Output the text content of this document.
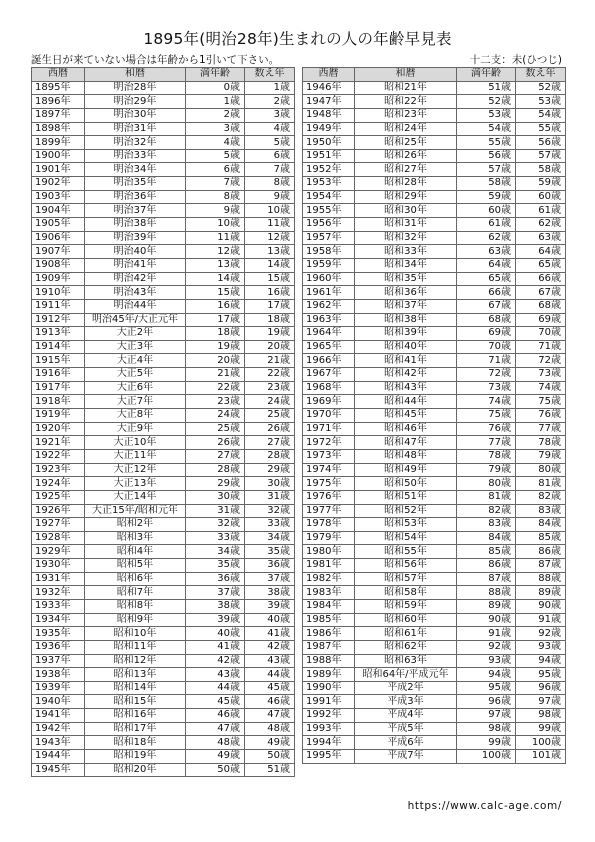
1895年(明治28年)生まれの人の年齢早見表
誕生日が来ていない場合は年齢から1引いて下さい。	十二支：未(ひつじ)
西暦	和暦	満年齢	数え年
1895年	明治28年	0歳	1歳
1896年	明治29年	1歳	2歳
1897年	明治30年	2歳	3歳
1898年	明治31年	3歳	4歳
1899年	明治32年	4歳	5歳
1900年	明治33年	5歳	6歳
1901年	明治34年	6歳	7歳
1902年	明治35年	7歳	8歳
1903年	明治36年	8歳	9歳
1904年	明治37年	9歳	10歳
1905年	明治38年	10歳	11歳
1906年	明治39年	11歳	12歳
1907年	明治40年	12歳	13歳
1908年	明治41年	13歳	14歳
1909年	明治42年	14歳	15歳
1910年	明治43年	15歳	16歳
1911年	明治44年	16歳	17歳
1912年	明治45年/大正元年	17歳	18歳
1913年	大正2年	18歳	19歳
1914年	大正3年	19歳	20歳
1915年	大正4年	20歳	21歳
1916年	大正5年	21歳	22歳
1917年	大正6年	22歳	23歳
1918年	大正7年	23歳	24歳
1919年	大正8年	24歳	25歳
1920年	大正9年	25歳	26歳
1921年	大正10年	26歳	27歳
1922年	大正11年	27歳	28歳
1923年	大正12年	28歳	29歳
1924年	大正13年	29歳	30歳
1925年	大正14年	30歳	31歳
1926年	大正15年/昭和元年	31歳	32歳
1927年	昭和2年	32歳	33歳
1928年	昭和3年	33歳	34歳
1929年	昭和4年	34歳	35歳
1930年	昭和5年	35歳	36歳
1931年	昭和6年	36歳	37歳
1932年	昭和7年	37歳	38歳
1933年	昭和8年	38歳	39歳
1934年	昭和9年	39歳	40歳
1935年	昭和10年	40歳	41歳
1936年	昭和11年	41歳	42歳
1937年	昭和12年	42歳	43歳
1938年	昭和13年	43歳	44歳
1939年	昭和14年	44歳	45歳
1940年	昭和15年	45歳	46歳
1941年	昭和16年	46歳	47歳
1942年	昭和17年	47歳	48歳
1943年	昭和18年	48歳	49歳
1944年	昭和19年	49歳	50歳
1945年	昭和20年	50歳	51歳
西暦	和暦	満年齢	数え年
1946年	昭和21年	51歳	52歳
1947年	昭和22年	52歳	53歳
1948年	昭和23年	53歳	54歳
1949年	昭和24年	54歳	55歳
1950年	昭和25年	55歳	56歳
1951年	昭和26年	56歳	57歳
1952年	昭和27年	57歳	58歳
1953年	昭和28年	58歳	59歳
1954年	昭和29年	59歳	60歳
1955年	昭和30年	60歳	61歳
1956年	昭和31年	61歳	62歳
1957年	昭和32年	62歳	63歳
1958年	昭和33年	63歳	64歳
1959年	昭和34年	64歳	65歳
1960年	昭和35年	65歳	66歳
1961年	昭和36年	66歳	67歳
1962年	昭和37年	67歳	68歳
1963年	昭和38年	68歳	69歳
1964年	昭和39年	69歳	70歳
1965年	昭和40年	70歳	71歳
1966年	昭和41年	71歳	72歳
1967年	昭和42年	72歳	73歳
1968年	昭和43年	73歳	74歳
1969年	昭和44年	74歳	75歳
1970年	昭和45年	75歳	76歳
1971年	昭和46年	76歳	77歳
1972年	昭和47年	77歳	78歳
1973年	昭和48年	78歳	79歳
1974年	昭和49年	79歳	80歳
1975年	昭和50年	80歳	81歳
1976年	昭和51年	81歳	82歳
1977年	昭和52年	82歳	83歳
1978年	昭和53年	83歳	84歳
1979年	昭和54年	84歳	85歳
1980年	昭和55年	85歳	86歳
1981年	昭和56年	86歳	87歳
1982年	昭和57年	87歳	88歳
1983年	昭和58年	88歳	89歳
1984年	昭和59年	89歳	90歳
1985年	昭和60年	90歳	91歳
1986年	昭和61年	91歳	92歳
1987年	昭和62年	92歳	93歳
1988年	昭和63年	93歳	94歳
1989年	昭和64年/平成元年	94歳	95歳
1990年	平成2年	95歳	96歳
1991年	平成3年	96歳	97歳
1992年	平成4年	97歳	98歳
1993年	平成5年	98歳	99歳
1994年	平成6年	99歳	100歳
1995年	平成7年	100歳	101歳
https://www.calc-age.com/
